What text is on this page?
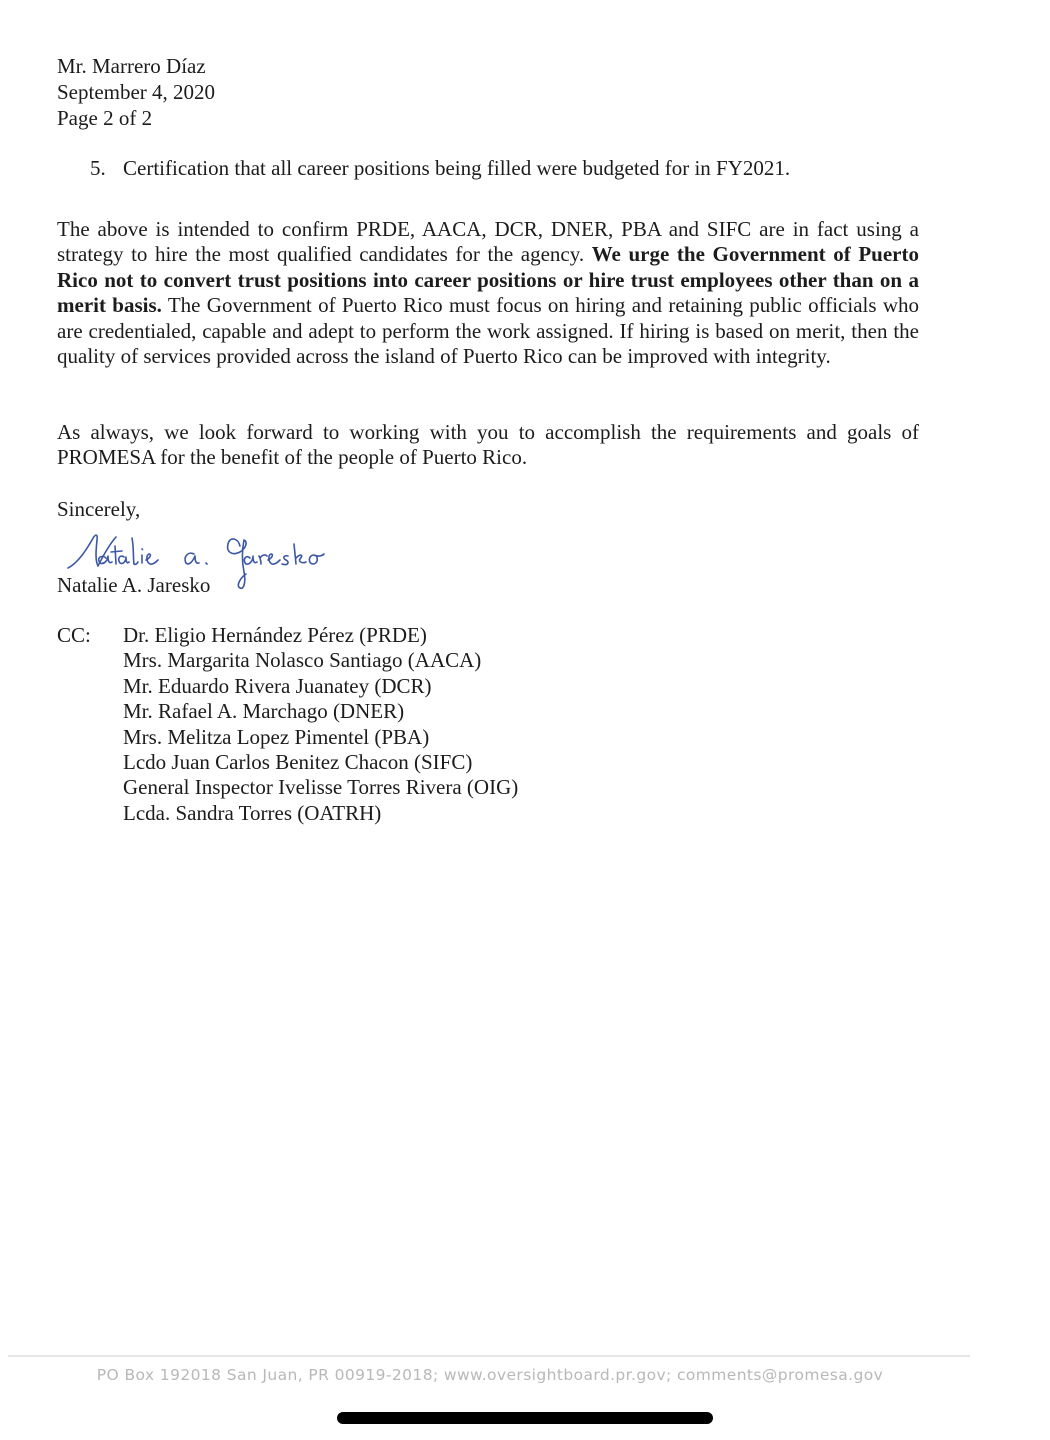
Mr. Marrero Díaz
September 4, 2020
Page 2 of 2
5. Certification that all career positions being filled were budgeted for in FY2021.
The above is intended to confirm PRDE, AACA, DCR, DNER, PBA and SIFC are in fact using a strategy to hire the most qualified candidates for the agency. We urge the Government of Puerto Rico not to convert trust positions into career positions or hire trust employees other than on a merit basis. The Government of Puerto Rico must focus on hiring and retaining public officials who are credentialed, capable and adept to perform the work assigned. If hiring is based on merit, then the quality of services provided across the island of Puerto Rico can be improved with integrity.
As always, we look forward to working with you to accomplish the requirements and goals of PROMESA for the benefit of the people of Puerto Rico.
Sincerely,
Natalie A. Jaresko
CC: Dr. Eligio Hernández Pérez (PRDE)
Mrs. Margarita Nolasco Santiago (AACA)
Mr. Eduardo Rivera Juanatey (DCR)
Mr. Rafael A. Marchago (DNER)
Mrs. Melitza Lopez Pimentel (PBA)
Lcdo Juan Carlos Benitez Chacon (SIFC)
General Inspector Ivelisse Torres Rivera (OIG)
Lcda. Sandra Torres (OATRH)
PO Box 192018 San Juan, PR 00919-2018; www.oversightboard.pr.gov; comments@promesa.gov
